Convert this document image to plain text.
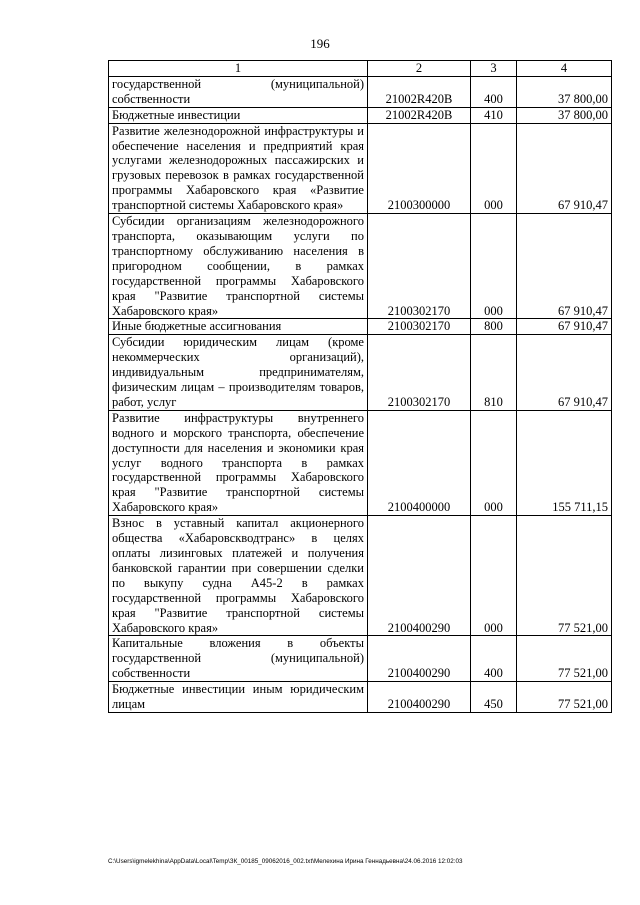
196
1	2	3	4
государственной (муниципальной) собственности	21002R420B	400	37 800,00
Бюджетные инвестиции	21002R420B	410	37 800,00
Развитие железнодорожной инфраструктуры и обеспечение населения и предприятий края услугами железнодорожных пассажирских и грузовых перевозок в рамках государственной программы Хабаровского края «Развитие транспортной системы Хабаровского края»	2100300000	000	67 910,47
Субсидии организациям железнодорожного транспорта, оказывающим услуги по транспортному обслуживанию населения в пригородном сообщении, в рамках государственной программы Хабаровского края "Развитие транспортной системы Хабаровского края»	2100302170	000	67 910,47
Иные бюджетные ассигнования	2100302170	800	67 910,47
Субсидии юридическим лицам (кроме некоммерческих организаций), индивидуальным предпринимателям, физическим лицам – производителям товаров, работ, услуг	2100302170	810	67 910,47
Развитие инфраструктуры внутреннего водного и морского транспорта, обеспечение доступности для населения и экономики края услуг водного транспорта в рамках государственной программы Хабаровского края "Развитие транспортной системы Хабаровского края»	2100400000	000	155 711,15
Взнос в уставный капитал акционерного общества «Хабаровскводтранс» в целях оплаты лизинговых платежей и получения банковской гарантии при совершении сделки по выкупу судна А45-2 в рамках государственной программы Хабаровского края "Развитие транспортной системы Хабаровского края»	2100400290	000	77 521,00
Капитальные вложения в объекты государственной (муниципальной) собственности	2100400290	400	77 521,00
Бюджетные инвестиции иным юридическим лицам	2100400290	450	77 521,00
C:\Users\igmelekhina\AppData\Local\Temp\ЗК_00185_09062016_002.txt\Мелехина Ирина Геннадьевна\24.06.2016 12:02:03
